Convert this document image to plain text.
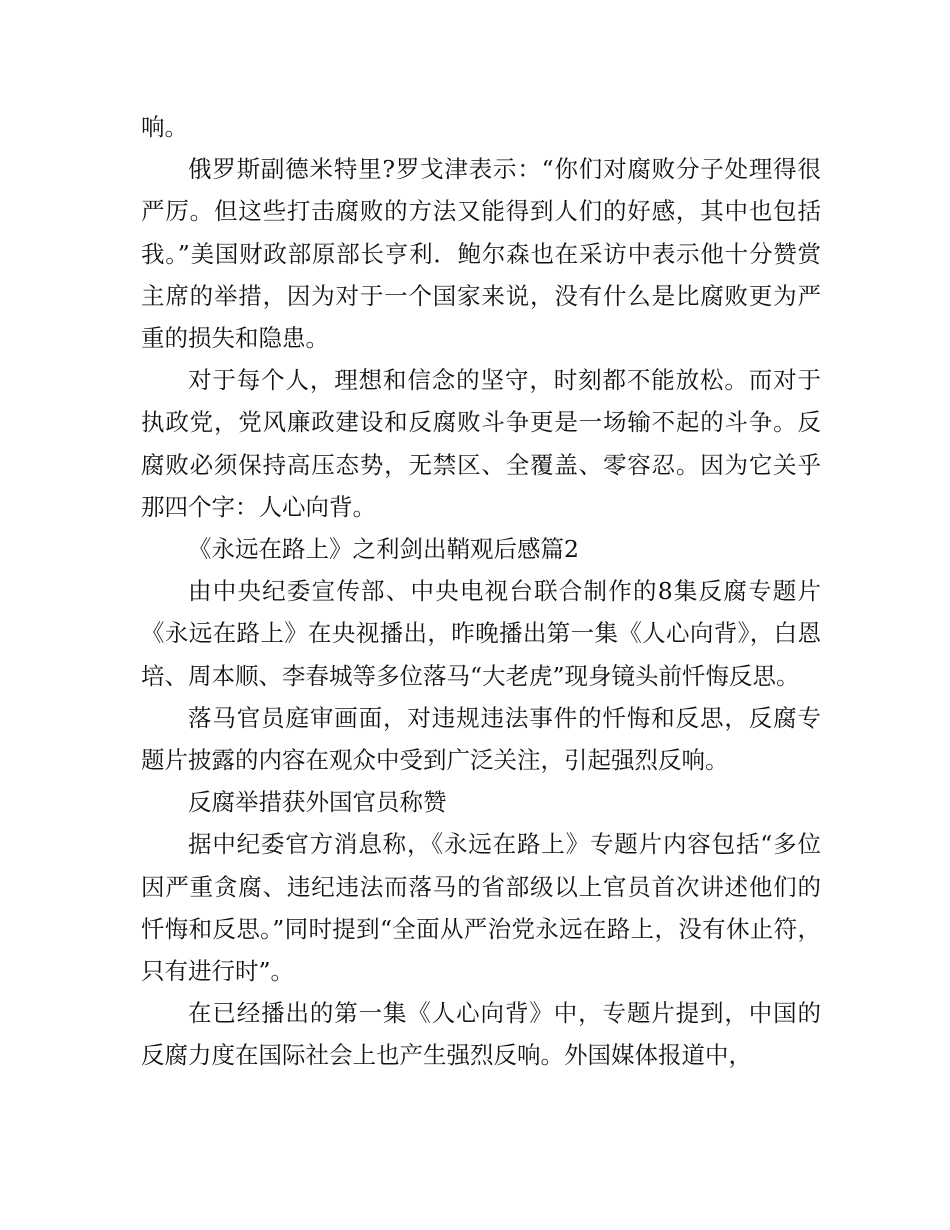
响。

俄罗斯副德米特里?罗戈津表示：“你们对腐败分子处理得很严厉。但这些打击腐败的方法又能得到人们的好感，其中也包括我。”美国财政部原部长亨利．鲍尔森也在采访中表示他十分赞赏主席的举措，因为对于一个国家来说，没有什么是比腐败更为严重的损失和隐患。

对于每个人，理想和信念的坚守，时刻都不能放松。而对于执政党，党风廉政建设和反腐败斗争更是一场输不起的斗争。反腐败必须保持高压态势，无禁区、全覆盖、零容忍。因为它关乎那四个字：人心向背。

《永远在路上》之利剑出鞘观后感篇2

由中央纪委宣传部、中央电视台联合制作的8集反腐专题片《永远在路上》在央视播出，昨晚播出第一集《人心向背》，白恩培、周本顺、李春城等多位落马“大老虎”现身镜头前忏悔反思。

落马官员庭审画面，对违规违法事件的忏悔和反思，反腐专题片披露的内容在观众中受到广泛关注，引起强烈反响。

反腐举措获外国官员称赞

据中纪委官方消息称，《永远在路上》专题片内容包括“多位因严重贪腐、违纪违法而落马的省部级以上官员首次讲述他们的忏悔和反思。”同时提到“全面从严治党永远在路上，没有休止符，只有进行时”。

在已经播出的第一集《人心向背》中，专题片提到，中国的反腐力度在国际社会上也产生强烈反响。外国媒体报道中，
